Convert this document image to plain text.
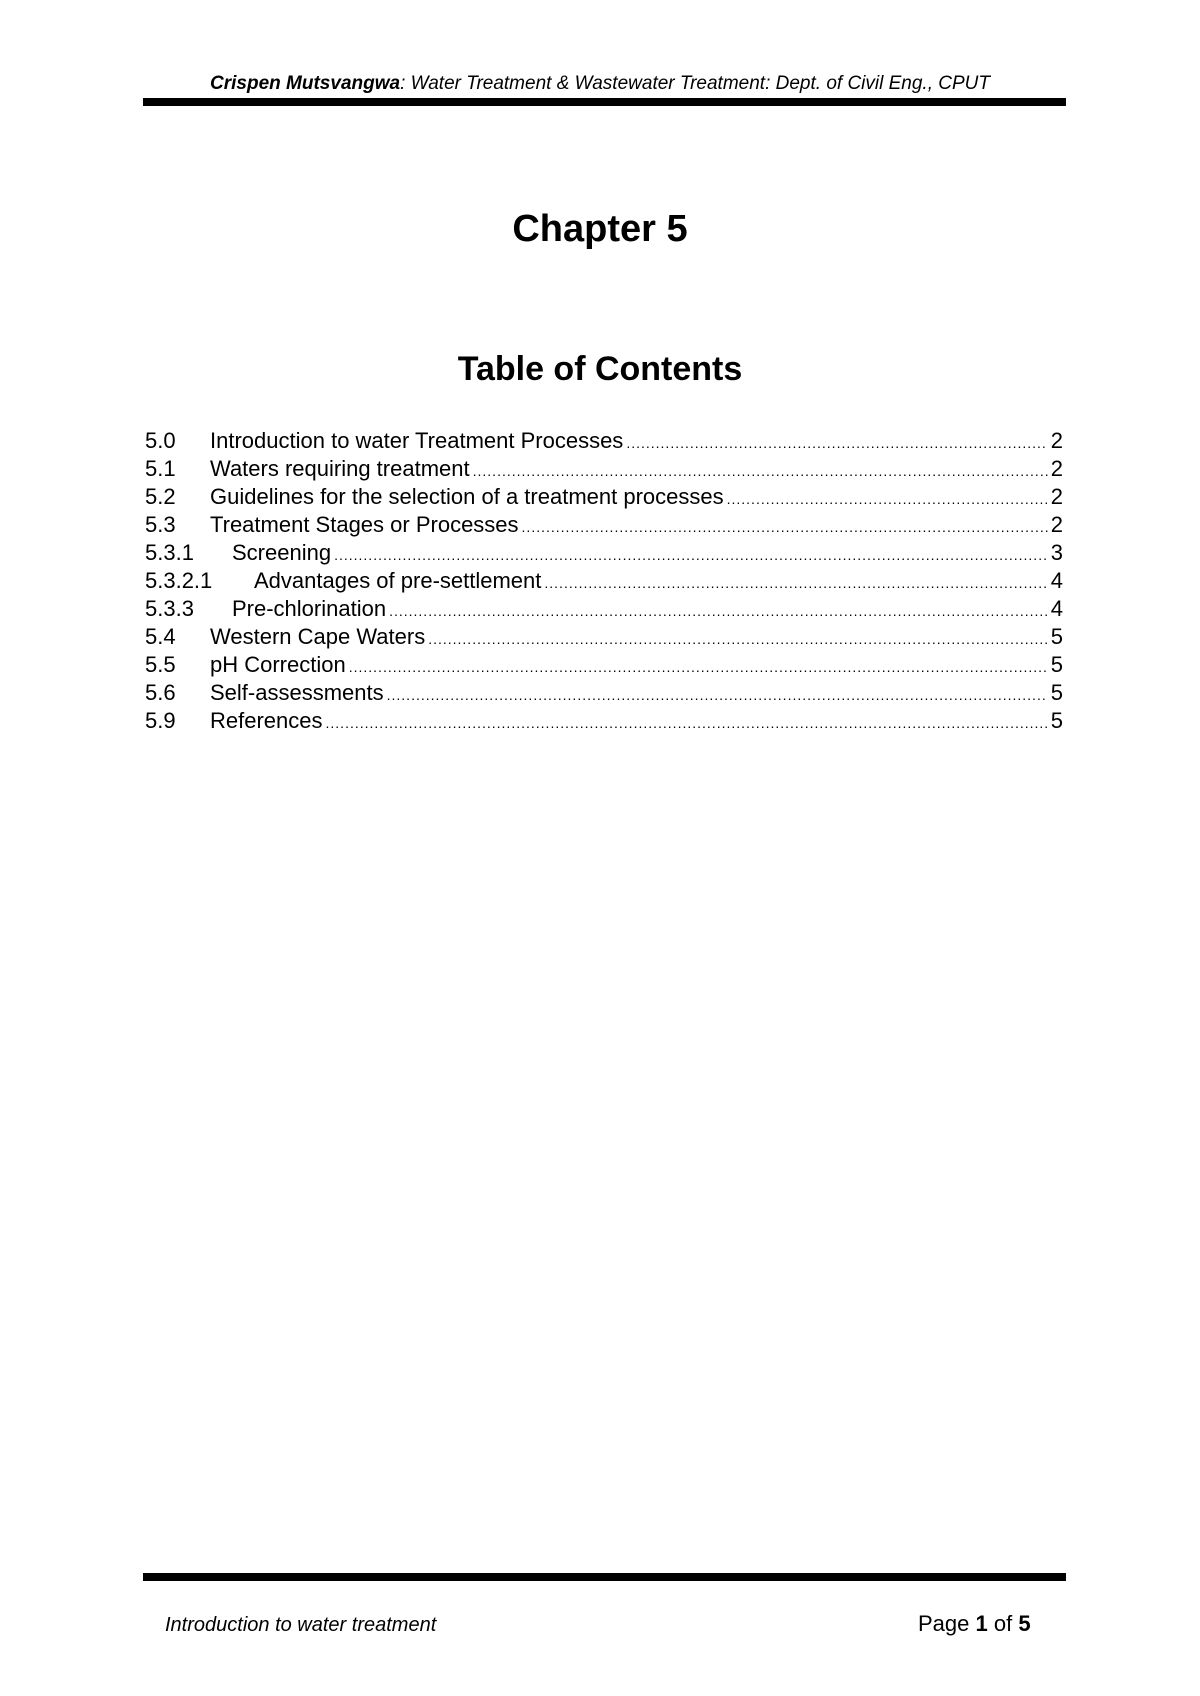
Crispen Mutsvangwa: Water Treatment & Wastewater Treatment: Dept. of Civil Eng., CPUT
Chapter 5
Table of Contents
5.0	Introduction to water Treatment Processes .....	2
5.1	Waters requiring treatment .....	2
5.2	Guidelines for the selection of a treatment processes .....	2
5.3	Treatment Stages or Processes .....	2
5.3.1	Screening .....	3
5.3.2.1	Advantages of pre-settlement .....	4
5.3.3	Pre-chlorination .....	4
5.4	Western Cape Waters .....	5
5.5	pH Correction .....	5
5.6	Self-assessments .....	5
5.9	References .....	5
Introduction to water treatment	Page 1 of 5
